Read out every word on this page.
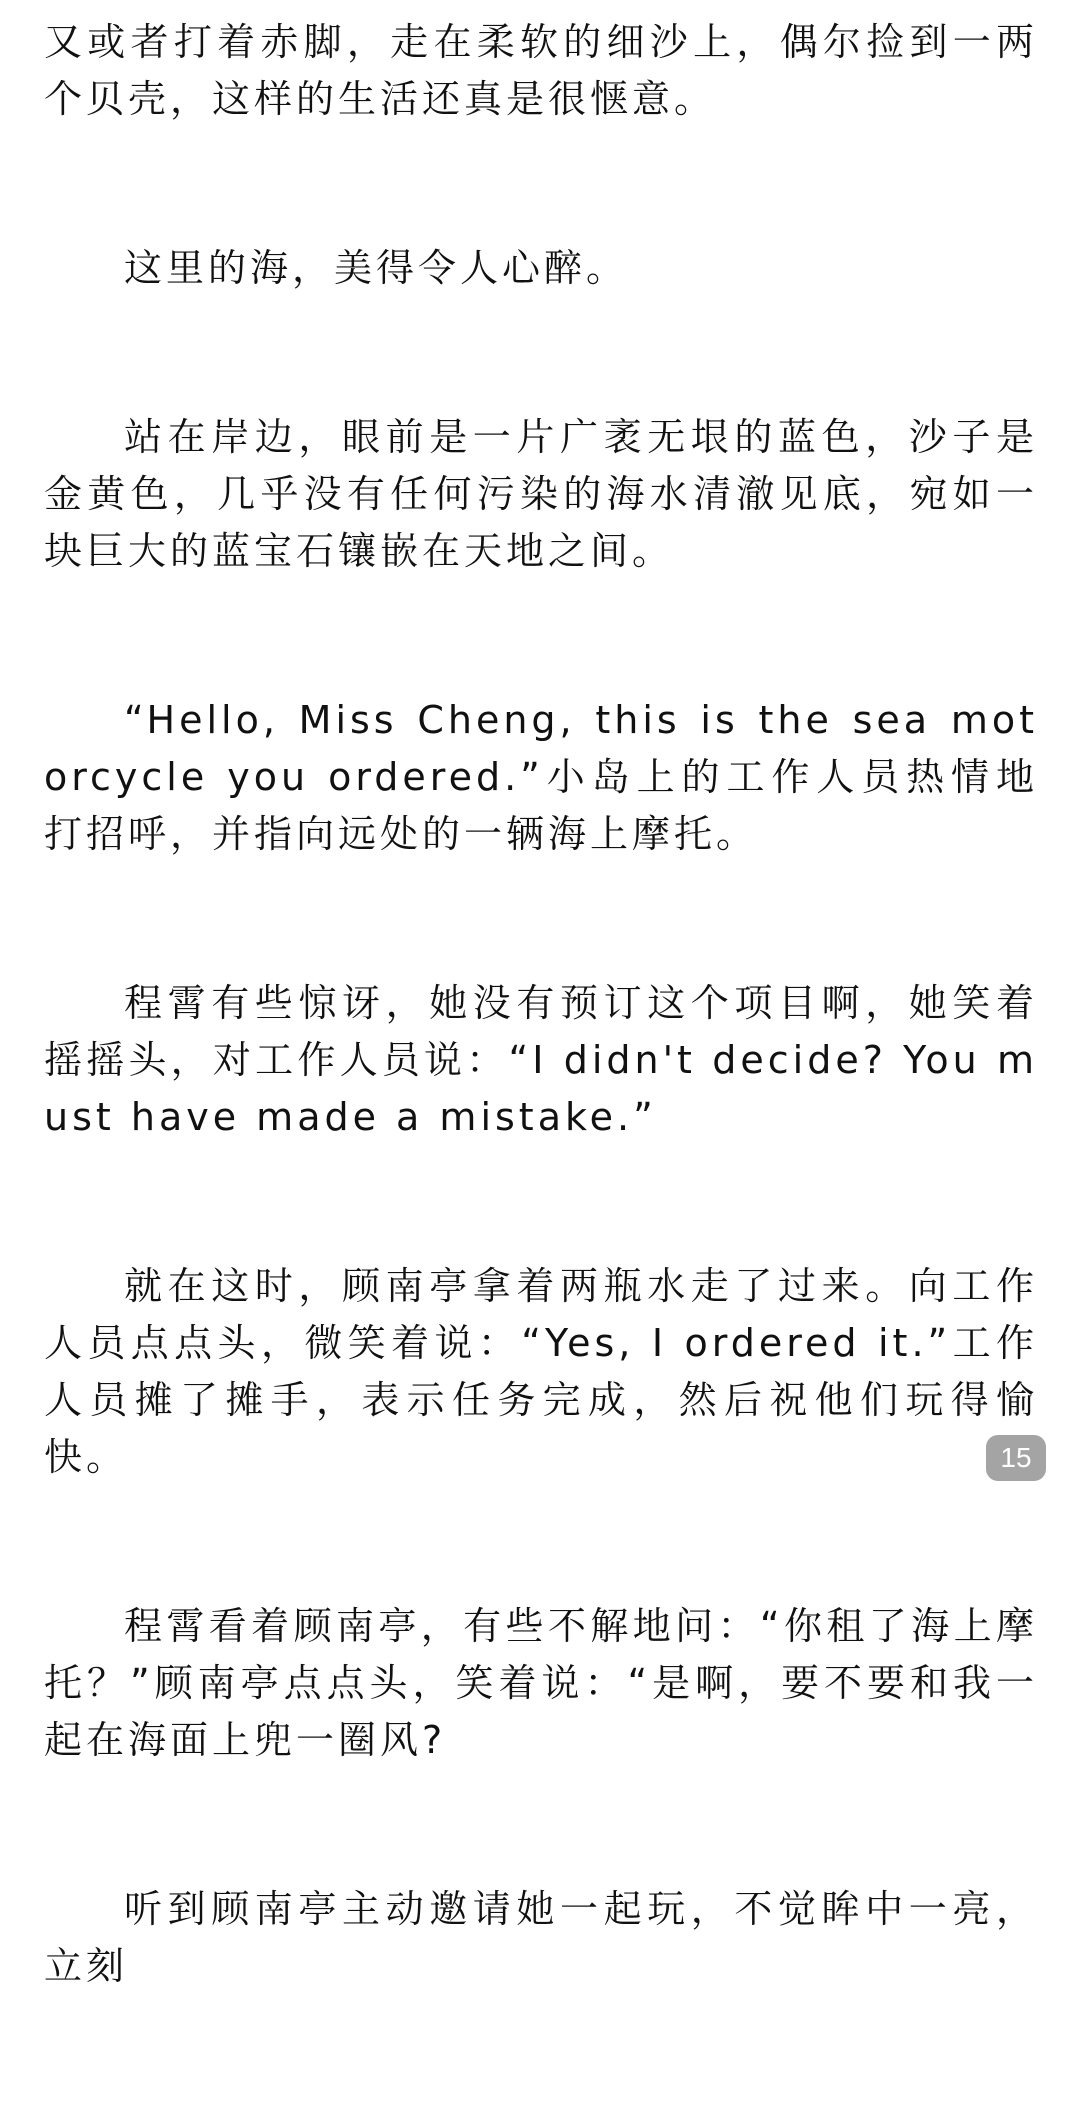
又或者打着赤脚，走在柔软的细沙上，偶尔捡到一两个贝壳，这样的生活还真是很惬意。

这里的海，美得令人心醉。

站在岸边，眼前是一片广袤无垠的蓝色，沙子是金黄色，几乎没有任何污染的海水清澈见底，宛如一块巨大的蓝宝石镶嵌在天地之间。

“Hello, Miss Cheng, this is the sea motorcycle you ordered.”小岛上的工作人员热情地打招呼，并指向远处的一辆海上摩托。

程霄有些惊讶，她没有预订这个项目啊，她笑着摇摇头，对工作人员说：“I didn't decide? You must have made a mistake.”

就在这时，顾南亭拿着两瓶水走了过来。向工作人员点点头，微笑着说：“Yes, I ordered it.”工作人员摊了摊手，表示任务完成，然后祝他们玩得愉快。

程霄看着顾南亭，有些不解地问：“你租了海上摩托？”顾南亭点点头，笑着说：“是啊，要不要和我一起在海面上兜一圈风?

听到顾南亭主动邀请她一起玩，不觉眸中一亮，立刻

15
